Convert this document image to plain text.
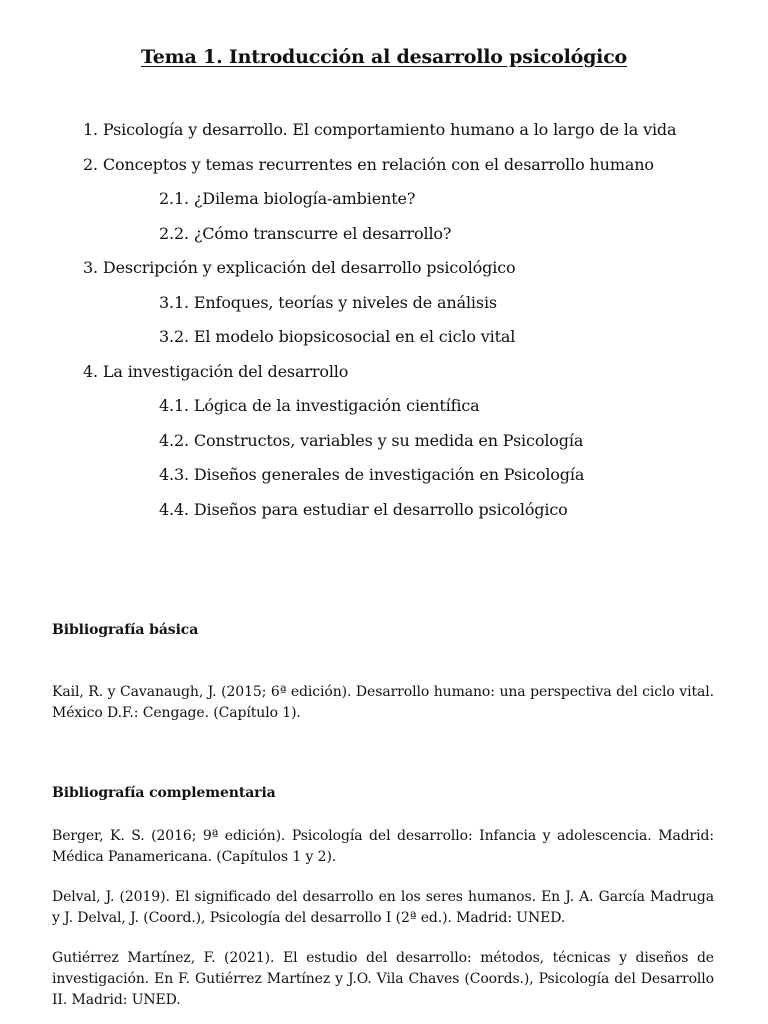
Tema 1. Introducción al desarrollo psicológico
1. Psicología y desarrollo. El comportamiento humano a lo largo de la vida
2. Conceptos y temas recurrentes en relación con el desarrollo humano
2.1. ¿Dilema biología-ambiente?
2.2. ¿Cómo transcurre el desarrollo?
3. Descripción y explicación del desarrollo psicológico
3.1. Enfoques, teorías y niveles de análisis
3.2. El modelo biopsicosocial en el ciclo vital
4. La investigación del desarrollo
4.1. Lógica de la investigación científica
4.2. Constructos, variables y su medida en Psicología
4.3. Diseños generales de investigación en Psicología
4.4. Diseños para estudiar el desarrollo psicológico
Bibliografía básica
Kail, R. y Cavanaugh, J. (2015; 6ª edición). Desarrollo humano: una perspectiva del ciclo vital. México D.F.: Cengage. (Capítulo 1).
Bibliografía complementaria
Berger, K. S. (2016; 9ª edición). Psicología del desarrollo: Infancia y adolescencia. Madrid: Médica Panamericana. (Capítulos 1 y 2).
Delval, J. (2019). El significado del desarrollo en los seres humanos. En J. A. García Madruga y J. Delval, J. (Coord.), Psicología del desarrollo I (2ª ed.). Madrid: UNED.
Gutiérrez Martínez, F. (2021). El estudio del desarrollo: métodos, técnicas y diseños de investigación. En F. Gutiérrez Martínez y J.O. Vila Chaves (Coords.), Psicología del Desarrollo II. Madrid: UNED.
